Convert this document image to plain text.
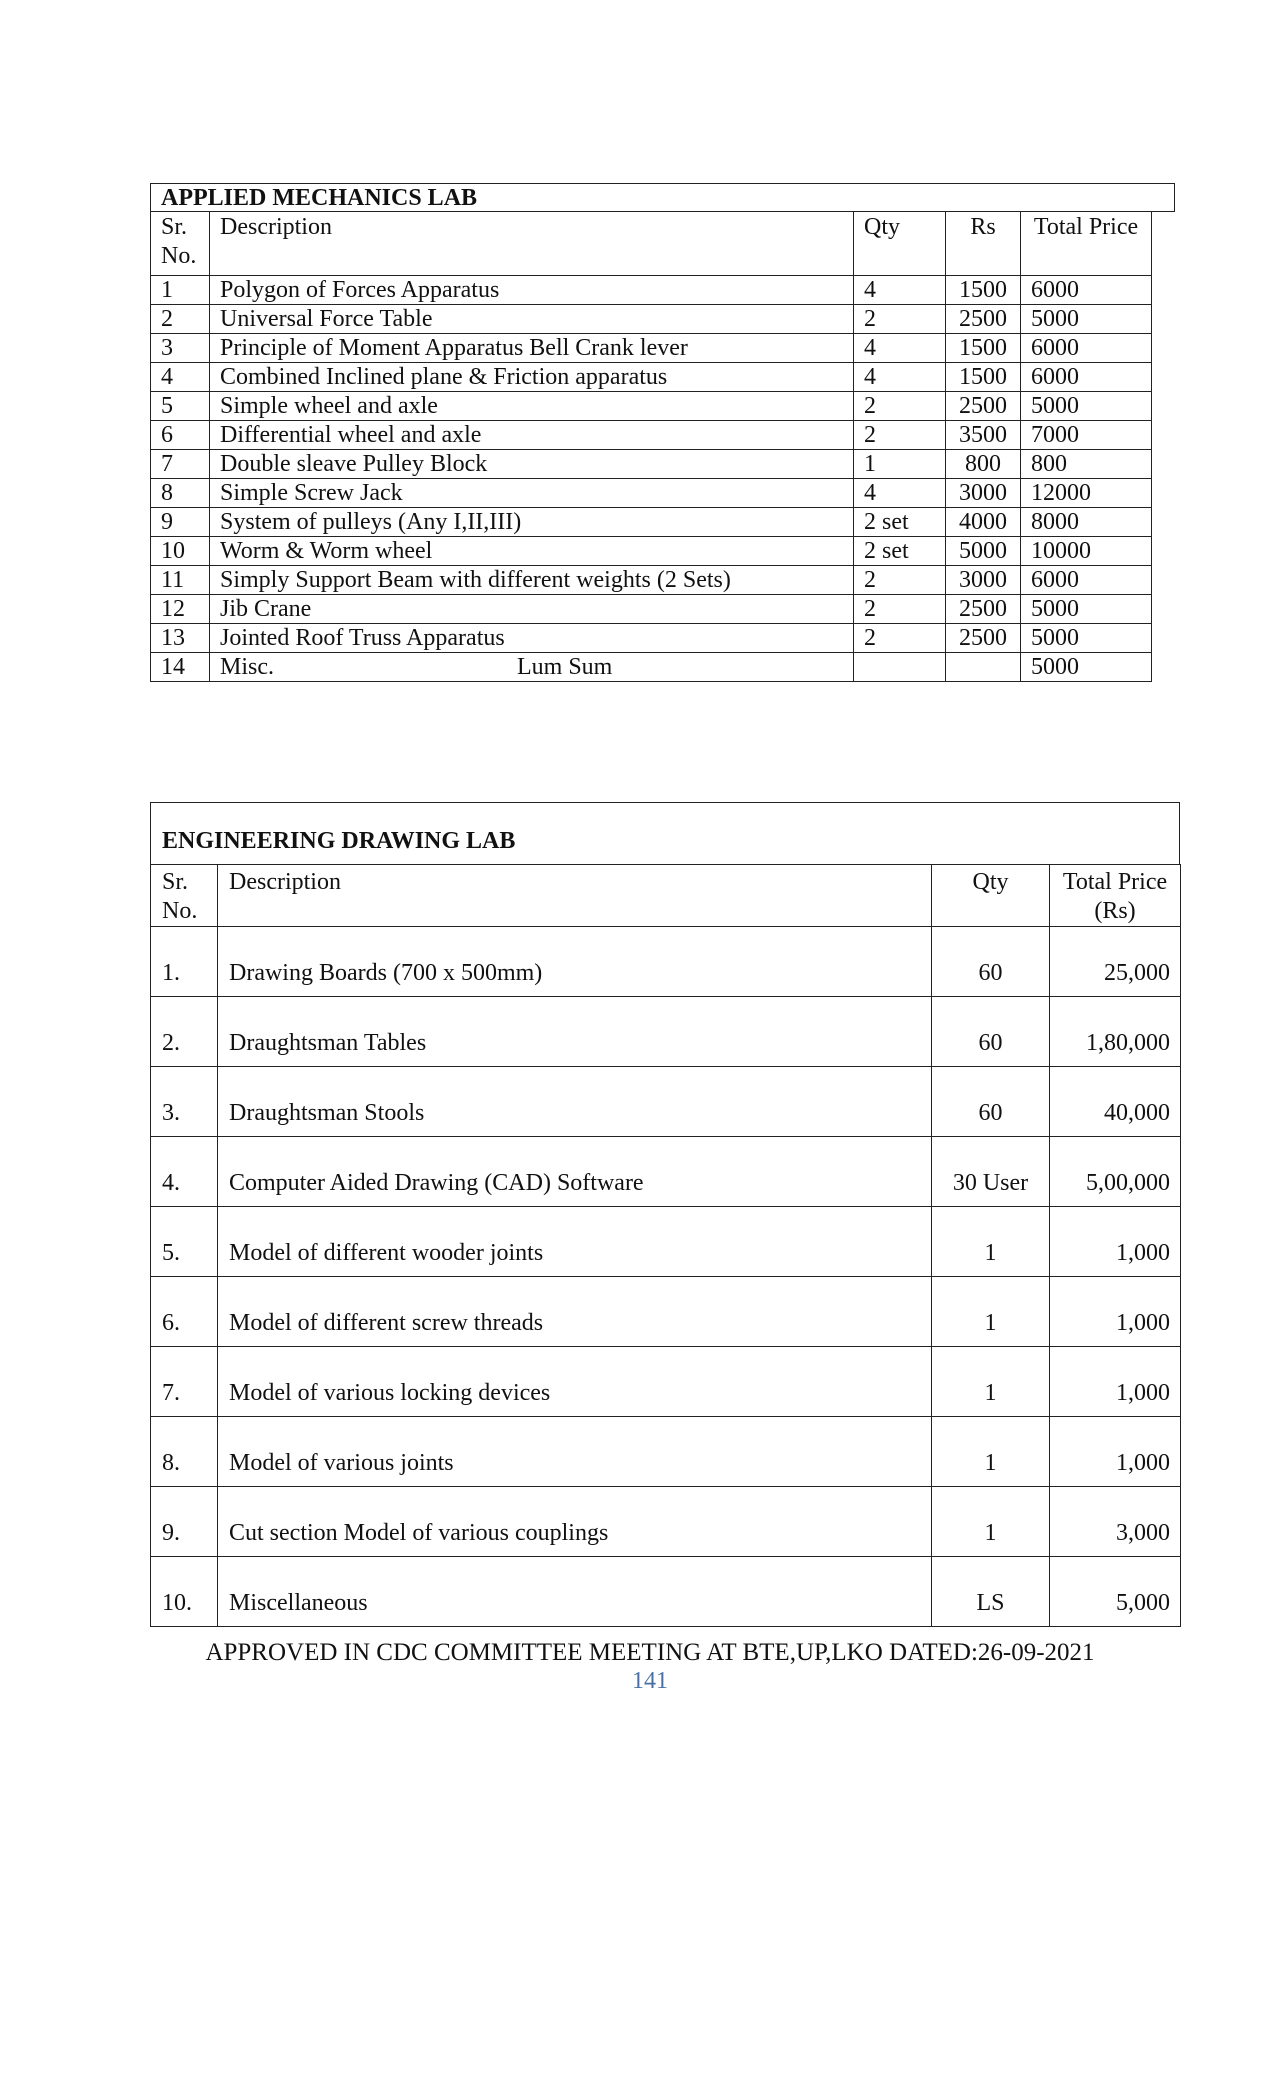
APPLIED MECHANICS LAB
Sr. No.	Description	Qty	Rs	Total Price
1	Polygon of Forces Apparatus	4	1500	6000
2	Universal Force Table	2	2500	5000
3	Principle of Moment Apparatus Bell Crank lever	4	1500	6000
4	Combined Inclined plane & Friction apparatus	4	1500	6000
5	Simple wheel and axle	2	2500	5000
6	Differential wheel and axle	2	3500	7000
7	Double sleave Pulley Block	1	800	800
8	Simple Screw Jack	4	3000	12000
9	System of pulleys (Any I,II,III)	2 set	4000	8000
10	Worm & Worm wheel	2 set	5000	10000
11	Simply Support Beam with different weights (2 Sets)	2	3000	6000
12	Jib Crane	2	2500	5000
13	Jointed Roof Truss Apparatus	2	2500	5000
14	Misc. Lum Sum			5000
ENGINEERING DRAWING LAB
Sr. No.	Description	Qty	Total Price (Rs)
1.	Drawing Boards (700 x 500mm)	60	25,000
2.	Draughtsman Tables	60	1,80,000
3.	Draughtsman Stools	60	40,000
4.	Computer Aided Drawing (CAD) Software	30 User	5,00,000
5.	Model of different wooder joints	1	1,000
6.	Model of different screw threads	1	1,000
7.	Model of various locking devices	1	1,000
8.	Model of various joints	1	1,000
9.	Cut section Model of various couplings	1	3,000
10.	Miscellaneous	LS	5,000
APPROVED IN CDC COMMITTEE MEETING AT BTE,UP,LKO DATED:26-09-2021
141
